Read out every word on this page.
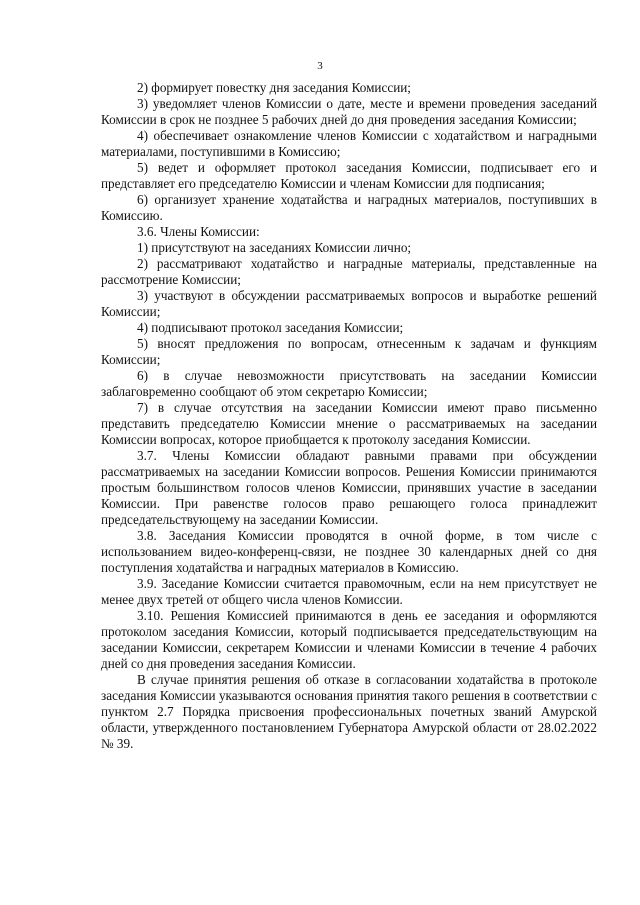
3

2) формирует повестку дня заседания Комиссии;

3) уведомляет членов Комиссии о дате, месте и времени проведения заседаний Комиссии в срок не позднее 5 рабочих дней до дня проведения заседания Комиссии;

4) обеспечивает ознакомление членов Комиссии с ходатайством и наградными материалами, поступившими в Комиссию;

5) ведет и оформляет протокол заседания Комиссии, подписывает его и представляет его председателю Комиссии и членам Комиссии для подписания;

6) организует хранение ходатайства и наградных материалов, поступивших в Комиссию.

3.6. Члены Комиссии:

1) присутствуют на заседаниях Комиссии лично;

2) рассматривают ходатайство и наградные материалы, представленные на рассмотрение Комиссии;

3) участвуют в обсуждении рассматриваемых вопросов и выработке решений Комиссии;

4) подписывают протокол заседания Комиссии;

5) вносят предложения по вопросам, отнесенным к задачам и функциям Комиссии;

6) в случае невозможности присутствовать на заседании Комиссии заблаговременно сообщают об этом секретарю Комиссии;

7) в случае отсутствия на заседании Комиссии имеют право письменно представить председателю Комиссии мнение о рассматриваемых на заседании Комиссии вопросах, которое приобщается к протоколу заседания Комиссии.

3.7. Члены Комиссии обладают равными правами при обсуждении рассматриваемых на заседании Комиссии вопросов. Решения Комиссии принимаются простым большинством голосов членов Комиссии, принявших участие в заседании Комиссии. При равенстве голосов право решающего голоса принадлежит председательствующему на заседании Комиссии.

3.8. Заседания Комиссии проводятся в очной форме, в том числе с использованием видео-конференц-связи, не позднее 30 календарных дней со дня поступления ходатайства и наградных материалов в Комиссию.

3.9. Заседание Комиссии считается правомочным, если на нем присутствует не менее двух третей от общего числа членов Комиссии.

3.10. Решения Комиссией принимаются в день ее заседания и оформляются протоколом заседания Комиссии, который подписывается председательствующим на заседании Комиссии, секретарем Комиссии и членами Комиссии в течение 4 рабочих дней со дня проведения заседания Комиссии.

В случае принятия решения об отказе в согласовании ходатайства в протоколе заседания Комиссии указываются основания принятия такого решения в соответствии с пунктом 2.7 Порядка присвоения профессиональных почетных званий Амурской области, утвержденного постановлением Губернатора Амурской области от 28.02.2022 № 39.
